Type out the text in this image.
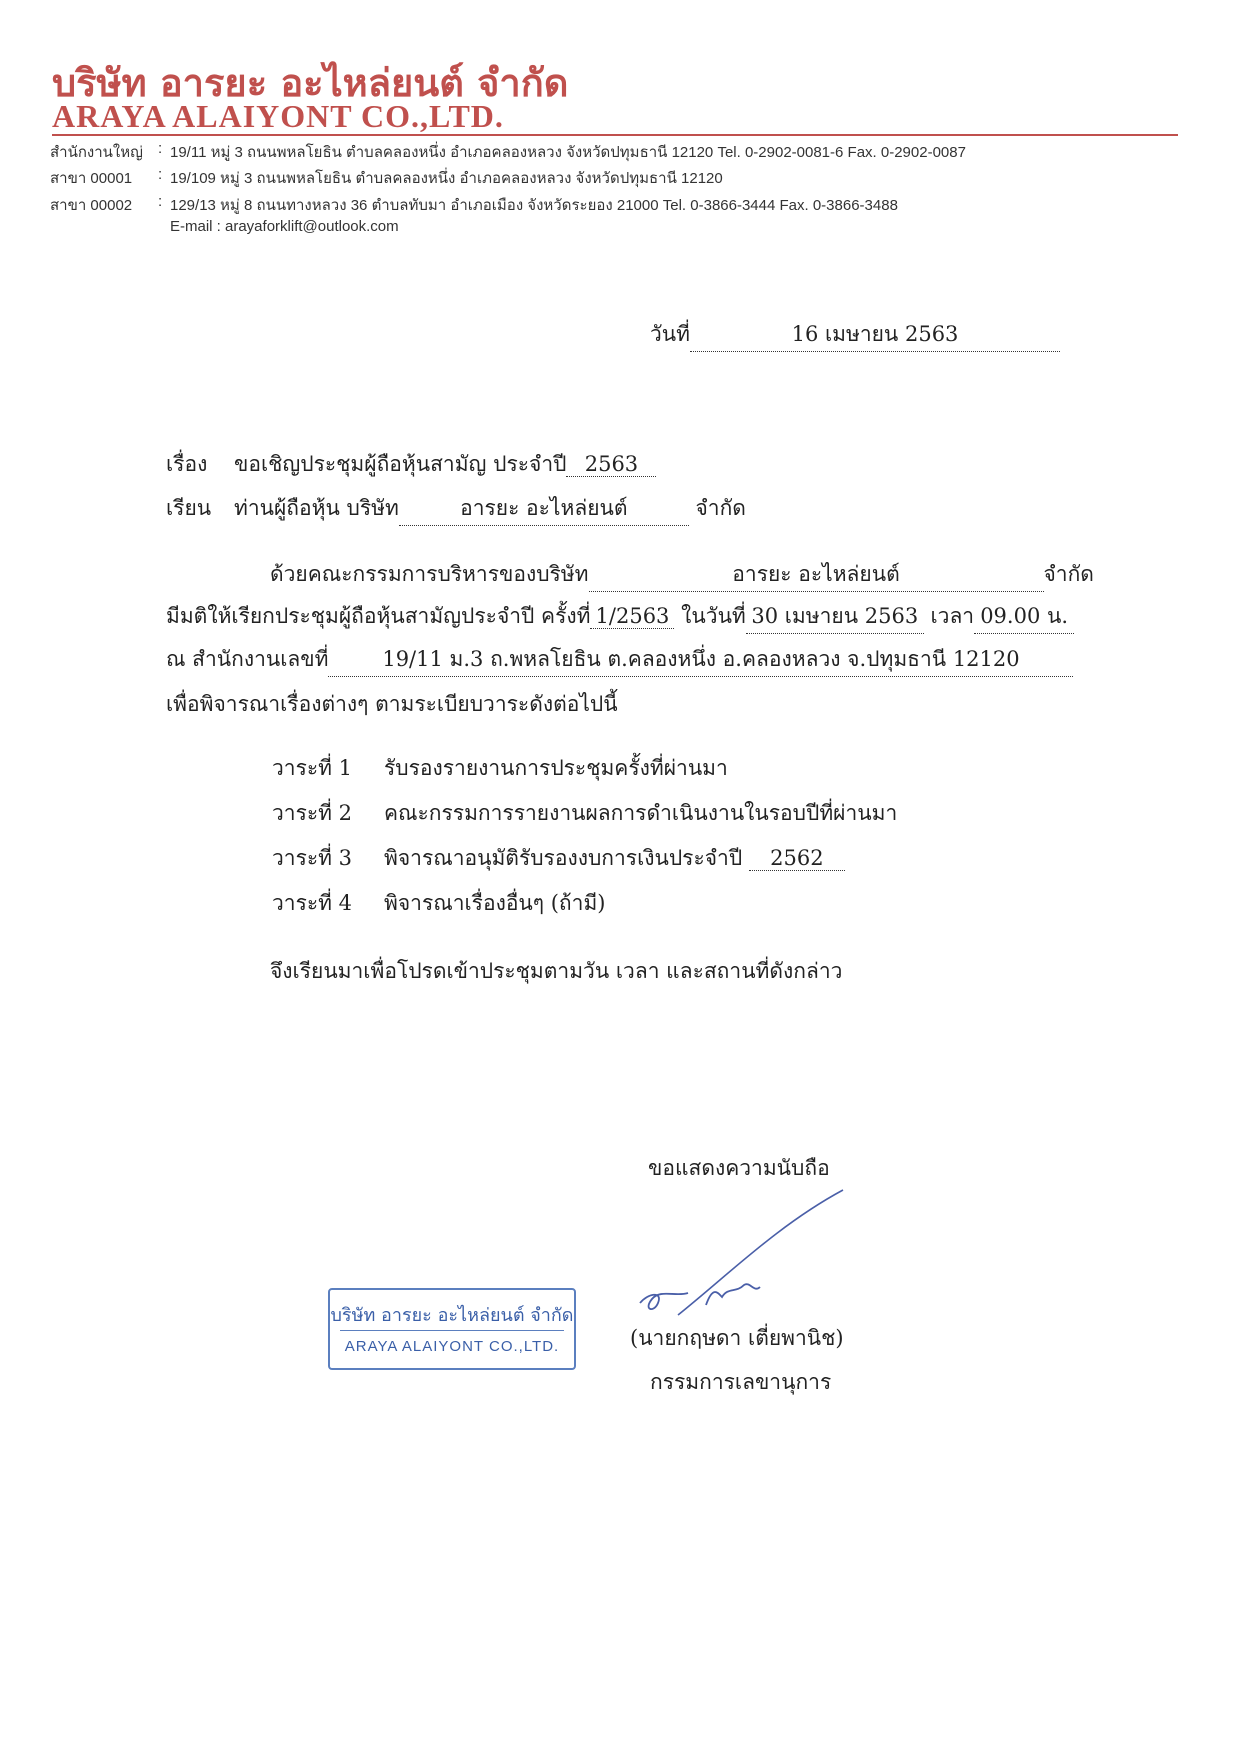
บริษัท อารยะ อะไหล่ยนต์ จำกัด
ARAYA ALAIYONT CO.,LTD.
สำนักงานใหญ่	: 19/11 หมู่ 3 ถนนพหลโยธิน ตำบลคลองหนึ่ง อำเภอคลองหลวง จังหวัดปทุมธานี 12120 Tel. 0-2902-0081-6 Fax. 0-2902-0087
สาขา 00001	: 19/109 หมู่ 3 ถนนพหลโยธิน ตำบลคลองหนึ่ง อำเภอคลองหลวง จังหวัดปทุมธานี 12120
สาขา 00002	: 129/13 หมู่ 8 ถนนทางหลวง 36 ตำบลทับมา อำเภอเมือง จังหวัดระยอง 21000 Tel. 0-3866-3444 Fax. 0-3866-3488
E-mail : arayaforklift@outlook.com
วันที่	16 เมษายน 2563
เรื่อง ขอเชิญประชุมผู้ถือหุ้นสามัญ ประจำปี 2563
เรียน ท่านผู้ถือหุ้น บริษัท	อารยะ อะไหล่ยนต์	จำกัด
ด้วยคณะกรรมการบริหารของบริษัท	อารยะ อะไหล่ยนต์	จำกัด
มีมติให้เรียกประชุมผู้ถือหุ้นสามัญประจำปี ครั้งที่ 1/2563 ในวันที่ 30 เมษายน 2563 เวลา 09.00 น.
ณ สำนักงานเลขที่	19/11 ม.3 ถ.พหลโยธิน ต.คลองหนึ่ง อ.คลองหลวง จ.ปทุมธานี 12120
เพื่อพิจารณาเรื่องต่างๆ ตามระเบียบวาระดังต่อไปนี้
วาระที่ 1 รับรองรายงานการประชุมครั้งที่ผ่านมา
วาระที่ 2 คณะกรรมการรายงานผลการดำเนินงานในรอบปีที่ผ่านมา
วาระที่ 3 พิจารณาอนุมัติรับรองงบการเงินประจำปี 2562
วาระที่ 4 พิจารณาเรื่องอื่นๆ (ถ้ามี)
จึงเรียนมาเพื่อโปรดเข้าประชุมตามวัน เวลา และสถานที่ดังกล่าว
ขอแสดงความนับถือ
(นายกฤษดา เตี่ยพานิช)
กรรมการเลขานุการ
บริษัท อารยะ อะไหล่ยนต์ จำกัด
ARAYA ALAIYONT CO.,LTD.
